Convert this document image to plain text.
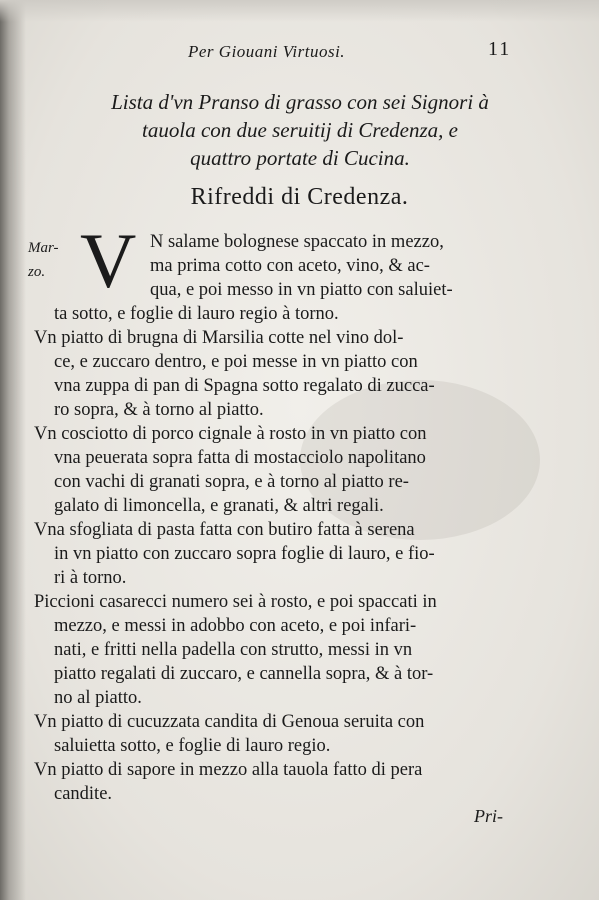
Per Giouani Virtuosi.	11
Lista d'vn Pranso di grasso con sei Signori à
tauola con due seruitij di Credenza, e
quattro portate di Cucina.
Rifreddi di Credenza.
Mar-
zo. V N salame bolognese spaccato in mezzo,
ma prima cotto con aceto, vino, & ac-
qua, e poi messo in vn piatto con saluiet-
ta sotto, e foglie di lauro regio à torno.
Vn piatto di brugna di Marsilia cotte nel vino dol-
ce, e zuccaro dentro, e poi messe in vn piatto con
vna zuppa di pan di Spagna sotto regalato di zucca-
ro sopra, & à torno al piatto.
Vn cosciotto di porco cignale à rosto in vn piatto con
vna peuerata sopra fatta di mostacciolo napolitano
con vachi di granati sopra, e à torno al piatto re-
galato di limoncella, e granati, & altri regali.
Vna sfogliata di pasta fatta con butiro fatta à serena
in vn piatto con zuccaro sopra foglie di lauro, e fio-
ri à torno.
Piccioni casarecci numero sei à rosto, e poi spaccati in
mezzo, e messi in adobbo con aceto, e poi infari-
nati, e fritti nella padella con strutto, messi in vn
piatto regalati di zuccaro, e cannella sopra, & à tor-
no al piatto.
Vn piatto di cucuzzata candita di Genoua seruita con
saluietta sotto, e foglie di lauro regio.
Vn piatto di sapore in mezzo alla tauola fatto di pera
candite.
Pri-
